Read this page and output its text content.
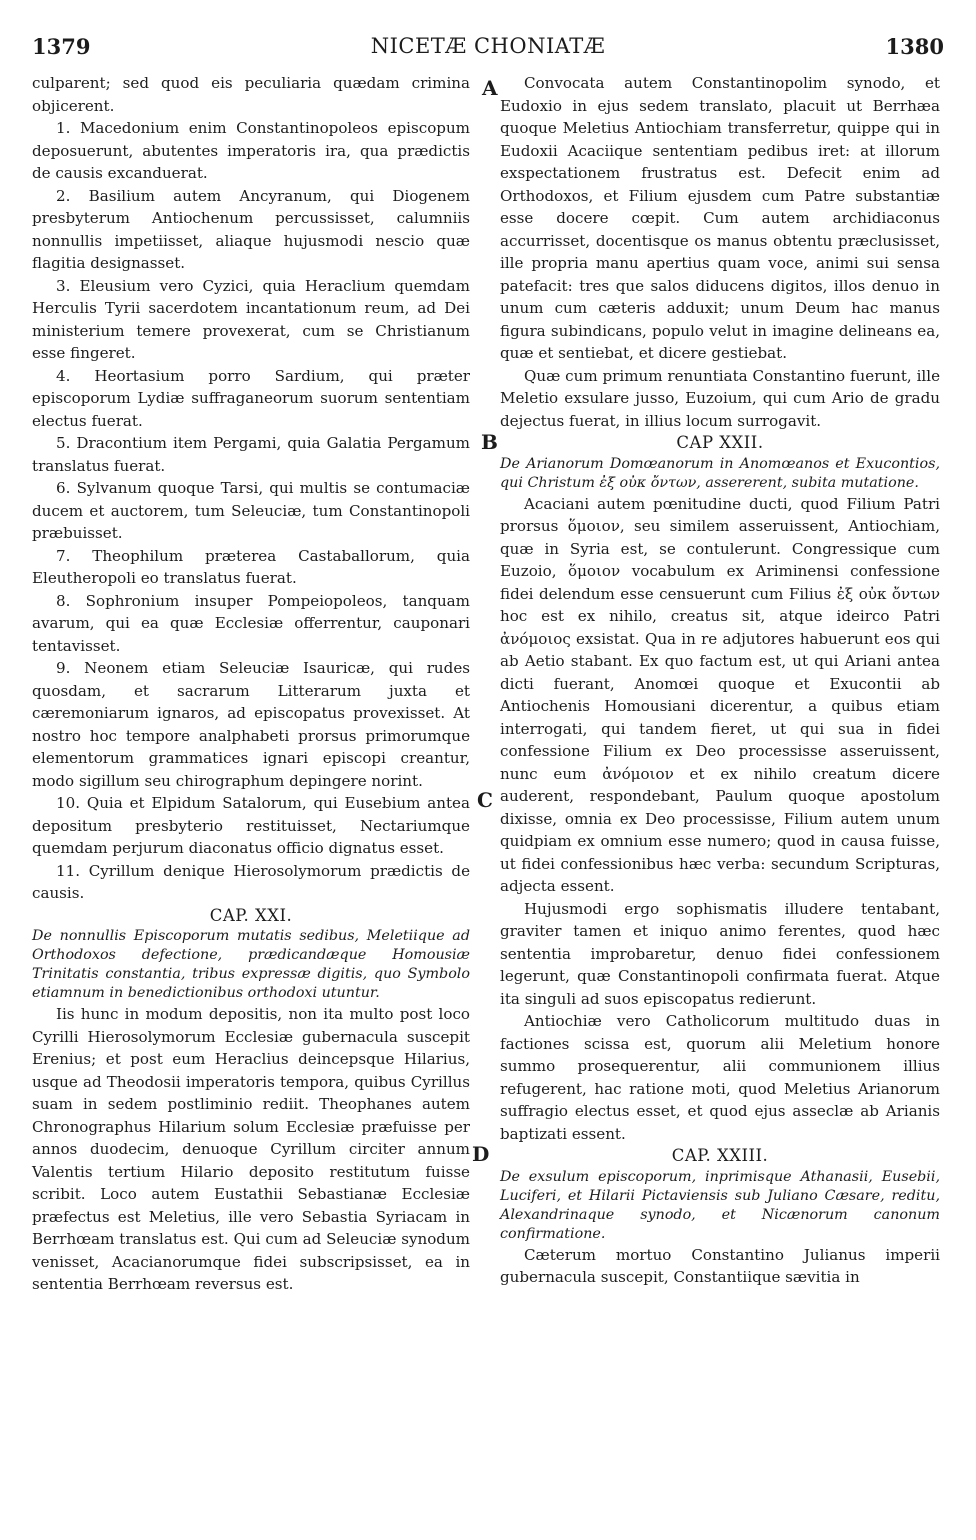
1379	NICETÆ CHONIATÆ	1380
A
B
C
D

culparent; sed quod eis peculiaria quædam crimina objicerent.

1. Macedonium enim Constantinopoleos episcopum deposuerunt, abutentes imperatoris ira, qua prædictis de causis excanduerat.

2. Basilium autem Ancyranum, qui Diogenem presbyterum Antiochenum percussisset, calumniis nonnullis impetiisset, aliaque hujusmodi nescio quæ flagitia designasset.

3. Eleusium vero Cyzici, quia Heraclium quemdam Herculis Tyrii sacerdotem incantationum reum, ad Dei ministerium temere provexerat, cum se Christianum esse fingeret.

4. Heortasium porro Sardium, qui præter episcoporum Lydiæ suffraganeorum suorum sententiam electus fuerat.

5. Dracontium item Pergami, quia Galatia Pergamum translatus fuerat.

6. Sylvanum quoque Tarsi, qui multis se contumaciæ ducem et auctorem, tum Seleuciæ, tum Constantinopoli præbuisset.

7. Theophilum præterea Castaballorum, quia Eleutheropoli eo translatus fuerat.

8. Sophronium insuper Pompeiopoleos, tanquam avarum, qui ea quæ Ecclesiæ offerrentur, cauponari tentavisset.

9. Neonem etiam Seleuciæ Isauricæ, qui rudes quosdam, et sacrarum Litterarum juxta et cæremoniarum ignaros, ad episcopatus provexisset. At nostro hoc tempore analphabeti prorsus primorumque elementorum grammatices ignari episcopi creantur, modo sigillum seu chirographum depingere norint.

10. Quia et Elpidum Satalorum, qui Eusebium antea depositum presbyterio restituisset, Nectariumque quemdam perjurum diaconatus officio dignatus esset.

11. Cyrillum denique Hierosolymorum prædictis de causis.

CAP. XXI.

De nonnullis Episcoporum mutatis sedibus, Meletiique ad Orthodoxos defectione, prædicandæque Homousiæ Trinitatis constantia, tribus expressæ digitis, quo Symbolo etiamnum in benedictionibus orthodoxi utuntur.

Iis hunc in modum depositis, non ita multo post loco Cyrilli Hierosolymorum Ecclesiæ gubernacula suscepit Erenius; et post eum Heraclius deincepsque Hilarius, usque ad Theodosii imperatoris tempora, quibus Cyrillus suam in sedem postliminio rediit. Theophanes autem Chronographus Hilarium solum Ecclesiæ præfuisse per annos duodecim, denuoque Cyrillum circiter annum Valentis tertium Hilario deposito restitutum fuisse scribit. Loco autem Eustathii Sebastianæ Ecclesiæ præfectus est Meletius, ille vero Sebastia Syriacam in Berrhœam translatus est. Qui cum ad Seleuciæ synodum venisset, Acacianorumque fidei subscripsisset, ea in sententia Berrhœam reversus est.

Convocata autem Constantinopolim synodo, et Eudoxio in ejus sedem translato, placuit ut Berrhæa quoque Meletius Antiochiam transferretur, quippe qui in Eudoxii Acaciique sententiam pedibus iret: at illorum exspectationem frustratus est. Defecit enim ad Orthodoxos, et Filium ejusdem cum Patre substantiæ esse docere cœpit. Cum autem archidiaconus accurrisset, docentisque os manus obtentu præclusisset, ille propria manu apertius quam voce, animi sui sensa patefacit: tres que salos diducens digitos, illos denuo in unum cum cæteris adduxit; unum Deum hac manus figura subindicans, populo velut in imagine delineans ea, quæ et sentiebat, et dicere gestiebat.

Quæ cum primum renuntiata Constantino fuerunt, ille Meletio exsulare jusso, Euzoium, qui cum Ario de gradu dejectus fuerat, in illius locum surrogavit.

CAP XXII.

De Arianorum Domœanorum in Anomœanos et Exucontios, qui Christum ἐξ οὐκ ὄντων, assererent, subita mutatione.

Acaciani autem pœnitudine ducti, quod Filium Patri prorsus ὅμοιον, seu similem asseruissent, Antiochiam, quæ in Syria est, se contulerunt. Congressique cum Euzoio, ὅμοιον vocabulum ex Ariminensi confessione fidei delendum esse censuerunt cum Filius ἐξ οὐκ ὄντων hoc est ex nihilo, creatus sit, atque ideirco Patri ἀνόμοιος exsistat. Qua in re adjutores habuerunt eos qui ab Aetio stabant. Ex quo factum est, ut qui Ariani antea dicti fuerant, Anomœi quoque et Exucontii ab Antiochenis Homousiani dicerentur, a quibus etiam interrogati, qui tandem fieret, ut qui sua in fidei confessione Filium ex Deo processisse asseruissent, nunc eum ἀνόμοιον et ex nihilo creatum dicere auderent, respondebant, Paulum quoque apostolum dixisse, omnia ex Deo processisse, Filium autem unum quidpiam ex omnium esse numero; quod in causa fuisse, ut fidei confessionibus hæc verba: secundum Scripturas, adjecta essent.

Hujusmodi ergo sophismatis illudere tentabant, graviter tamen et iniquo animo ferentes, quod hæc sententia improbaretur, denuo fidei confessionem legerunt, quæ Constantinopoli confirmata fuerat. Atque ita singuli ad suos episcopatus redierunt.

Antiochiæ vero Catholicorum multitudo duas in factiones scissa est, quorum alii Meletium honore summo prosequerentur, alii communionem illius refugerent, hac ratione moti, quod Meletius Arianorum suffragio electus esset, et quod ejus asseclæ ab Arianis baptizati essent.

CAP. XXIII.

De exsulum episcoporum, inprimisque Athanasii, Eusebii, Luciferi, et Hilarii Pictaviensis sub Juliano Cæsare, reditu, Alexandrinaque synodo, et Nicænorum canonum confirmatione.

Cæterum mortuo Constantino Julianus imperii gubernacula suscepit, Constantiique sævitia in
